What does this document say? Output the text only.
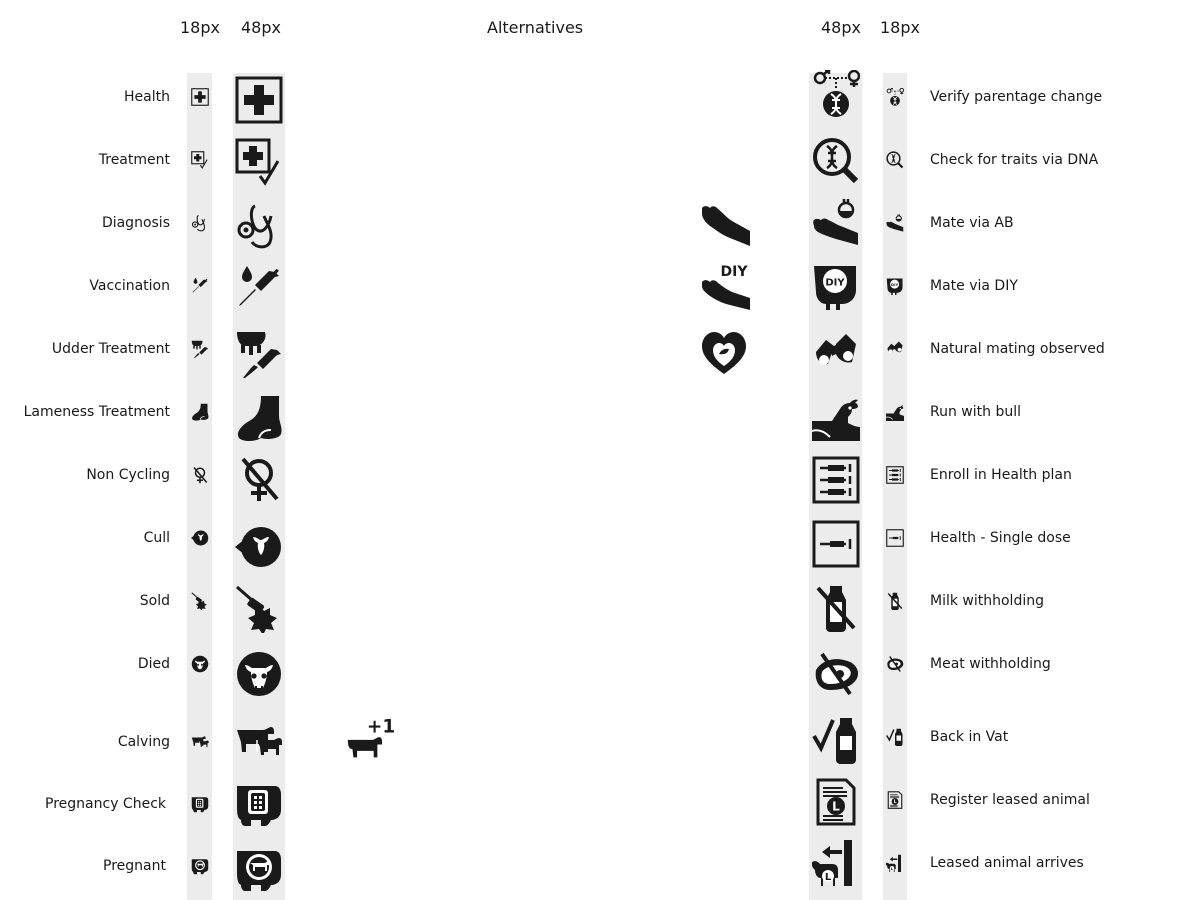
18px 48px	Alternatives	48px 18px
Health
Treatment
Diagnosis
Vaccination
Udder Treatment
Lameness Treatment
Non Cycling
Cull
Sold
Died
Calving
Pregnancy Check
Pregnant
DIY
+1
Verify parentage change
Check for traits via DNA
Mate via AB
Mate via DIY
Natural mating observed
Run with bull
Enroll in Health plan
Health - Single dose
Milk withholding
Meat withholding
Back in Vat
Register leased animal
Leased animal arrives
